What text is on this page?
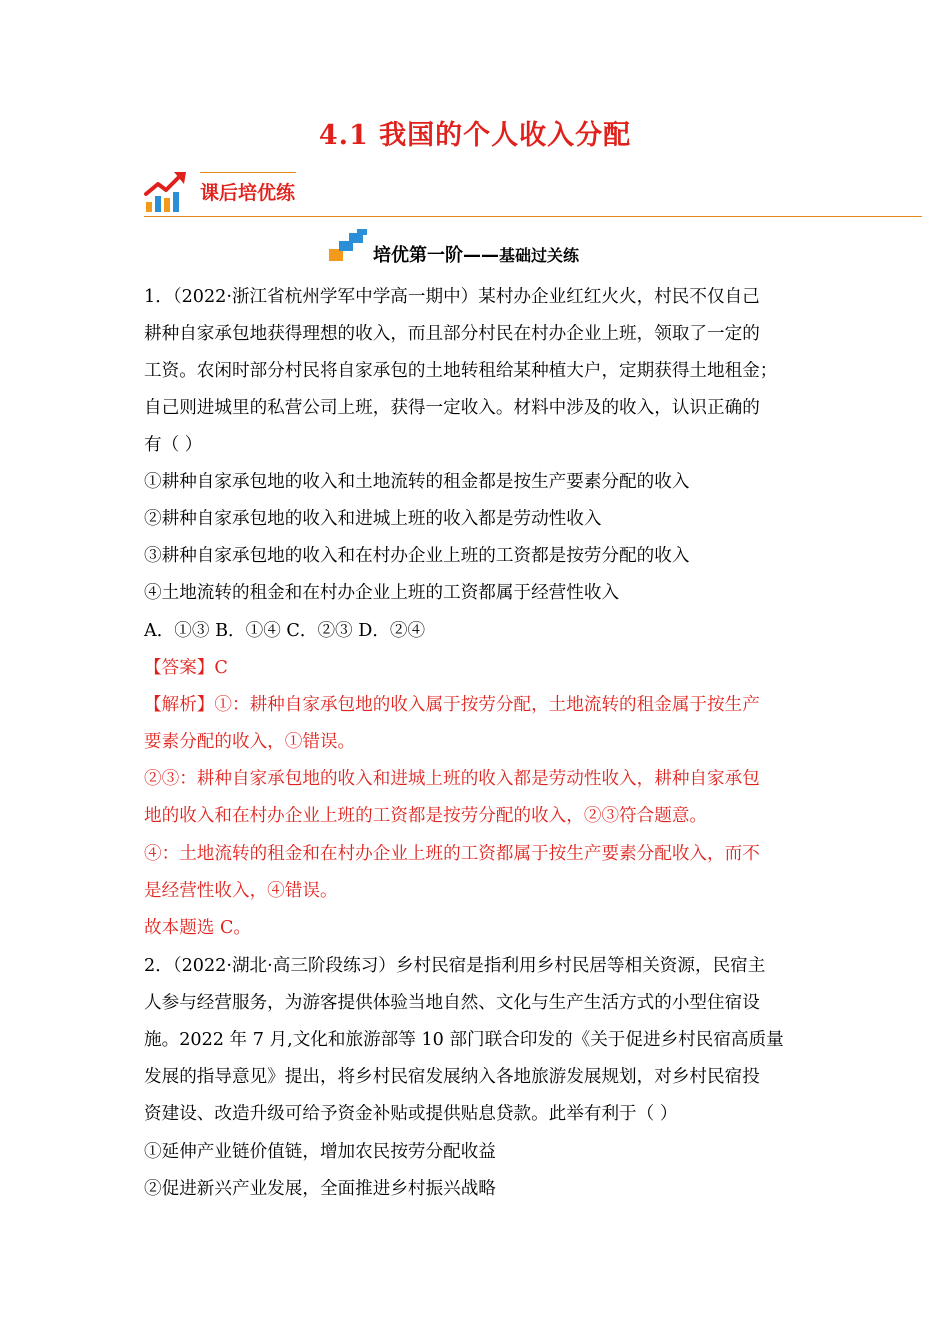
4.1 我国的个人收入分配
课后培优练
培优第一阶——基础过关练
1．（2022·浙江省杭州学军中学高一期中）某村办企业红红火火，村民不仅自己
耕种自家承包地获得理想的收入，而且部分村民在村办企业上班，领取了一定的
工资。农闲时部分村民将自家承包的土地转租给某种植大户，定期获得土地租金；
自己则进城里的私营公司上班，获得一定收入。材料中涉及的收入，认识正确的
有（ ）
①耕种自家承包地的收入和土地流转的租金都是按生产要素分配的收入
②耕种自家承包地的收入和进城上班的收入都是劳动性收入
③耕种自家承包地的收入和在村办企业上班的工资都是按劳分配的收入
④土地流转的租金和在村办企业上班的工资都属于经营性收入
A．①③ B．①④ C．②③ D．②④
【答案】C
【解析】①：耕种自家承包地的收入属于按劳分配，土地流转的租金属于按生产
要素分配的收入，①错误。
②③：耕种自家承包地的收入和进城上班的收入都是劳动性收入，耕种自家承包
地的收入和在村办企业上班的工资都是按劳分配的收入，②③符合题意。
④：土地流转的租金和在村办企业上班的工资都属于按生产要素分配收入，而不
是经营性收入，④错误。
故本题选 C。
2．（2022·湖北·高三阶段练习）乡村民宿是指利用乡村民居等相关资源，民宿主
人参与经营服务，为游客提供体验当地自然、文化与生产生活方式的小型住宿设
施。2022 年 7 月,文化和旅游部等 10 部门联合印发的《关于促进乡村民宿高质量
发展的指导意见》提出，将乡村民宿发展纳入各地旅游发展规划，对乡村民宿投
资建设、改造升级可给予资金补贴或提供贴息贷款。此举有利于（ ）
①延伸产业链价值链，增加农民按劳分配收益
②促进新兴产业发展，全面推进乡村振兴战略
